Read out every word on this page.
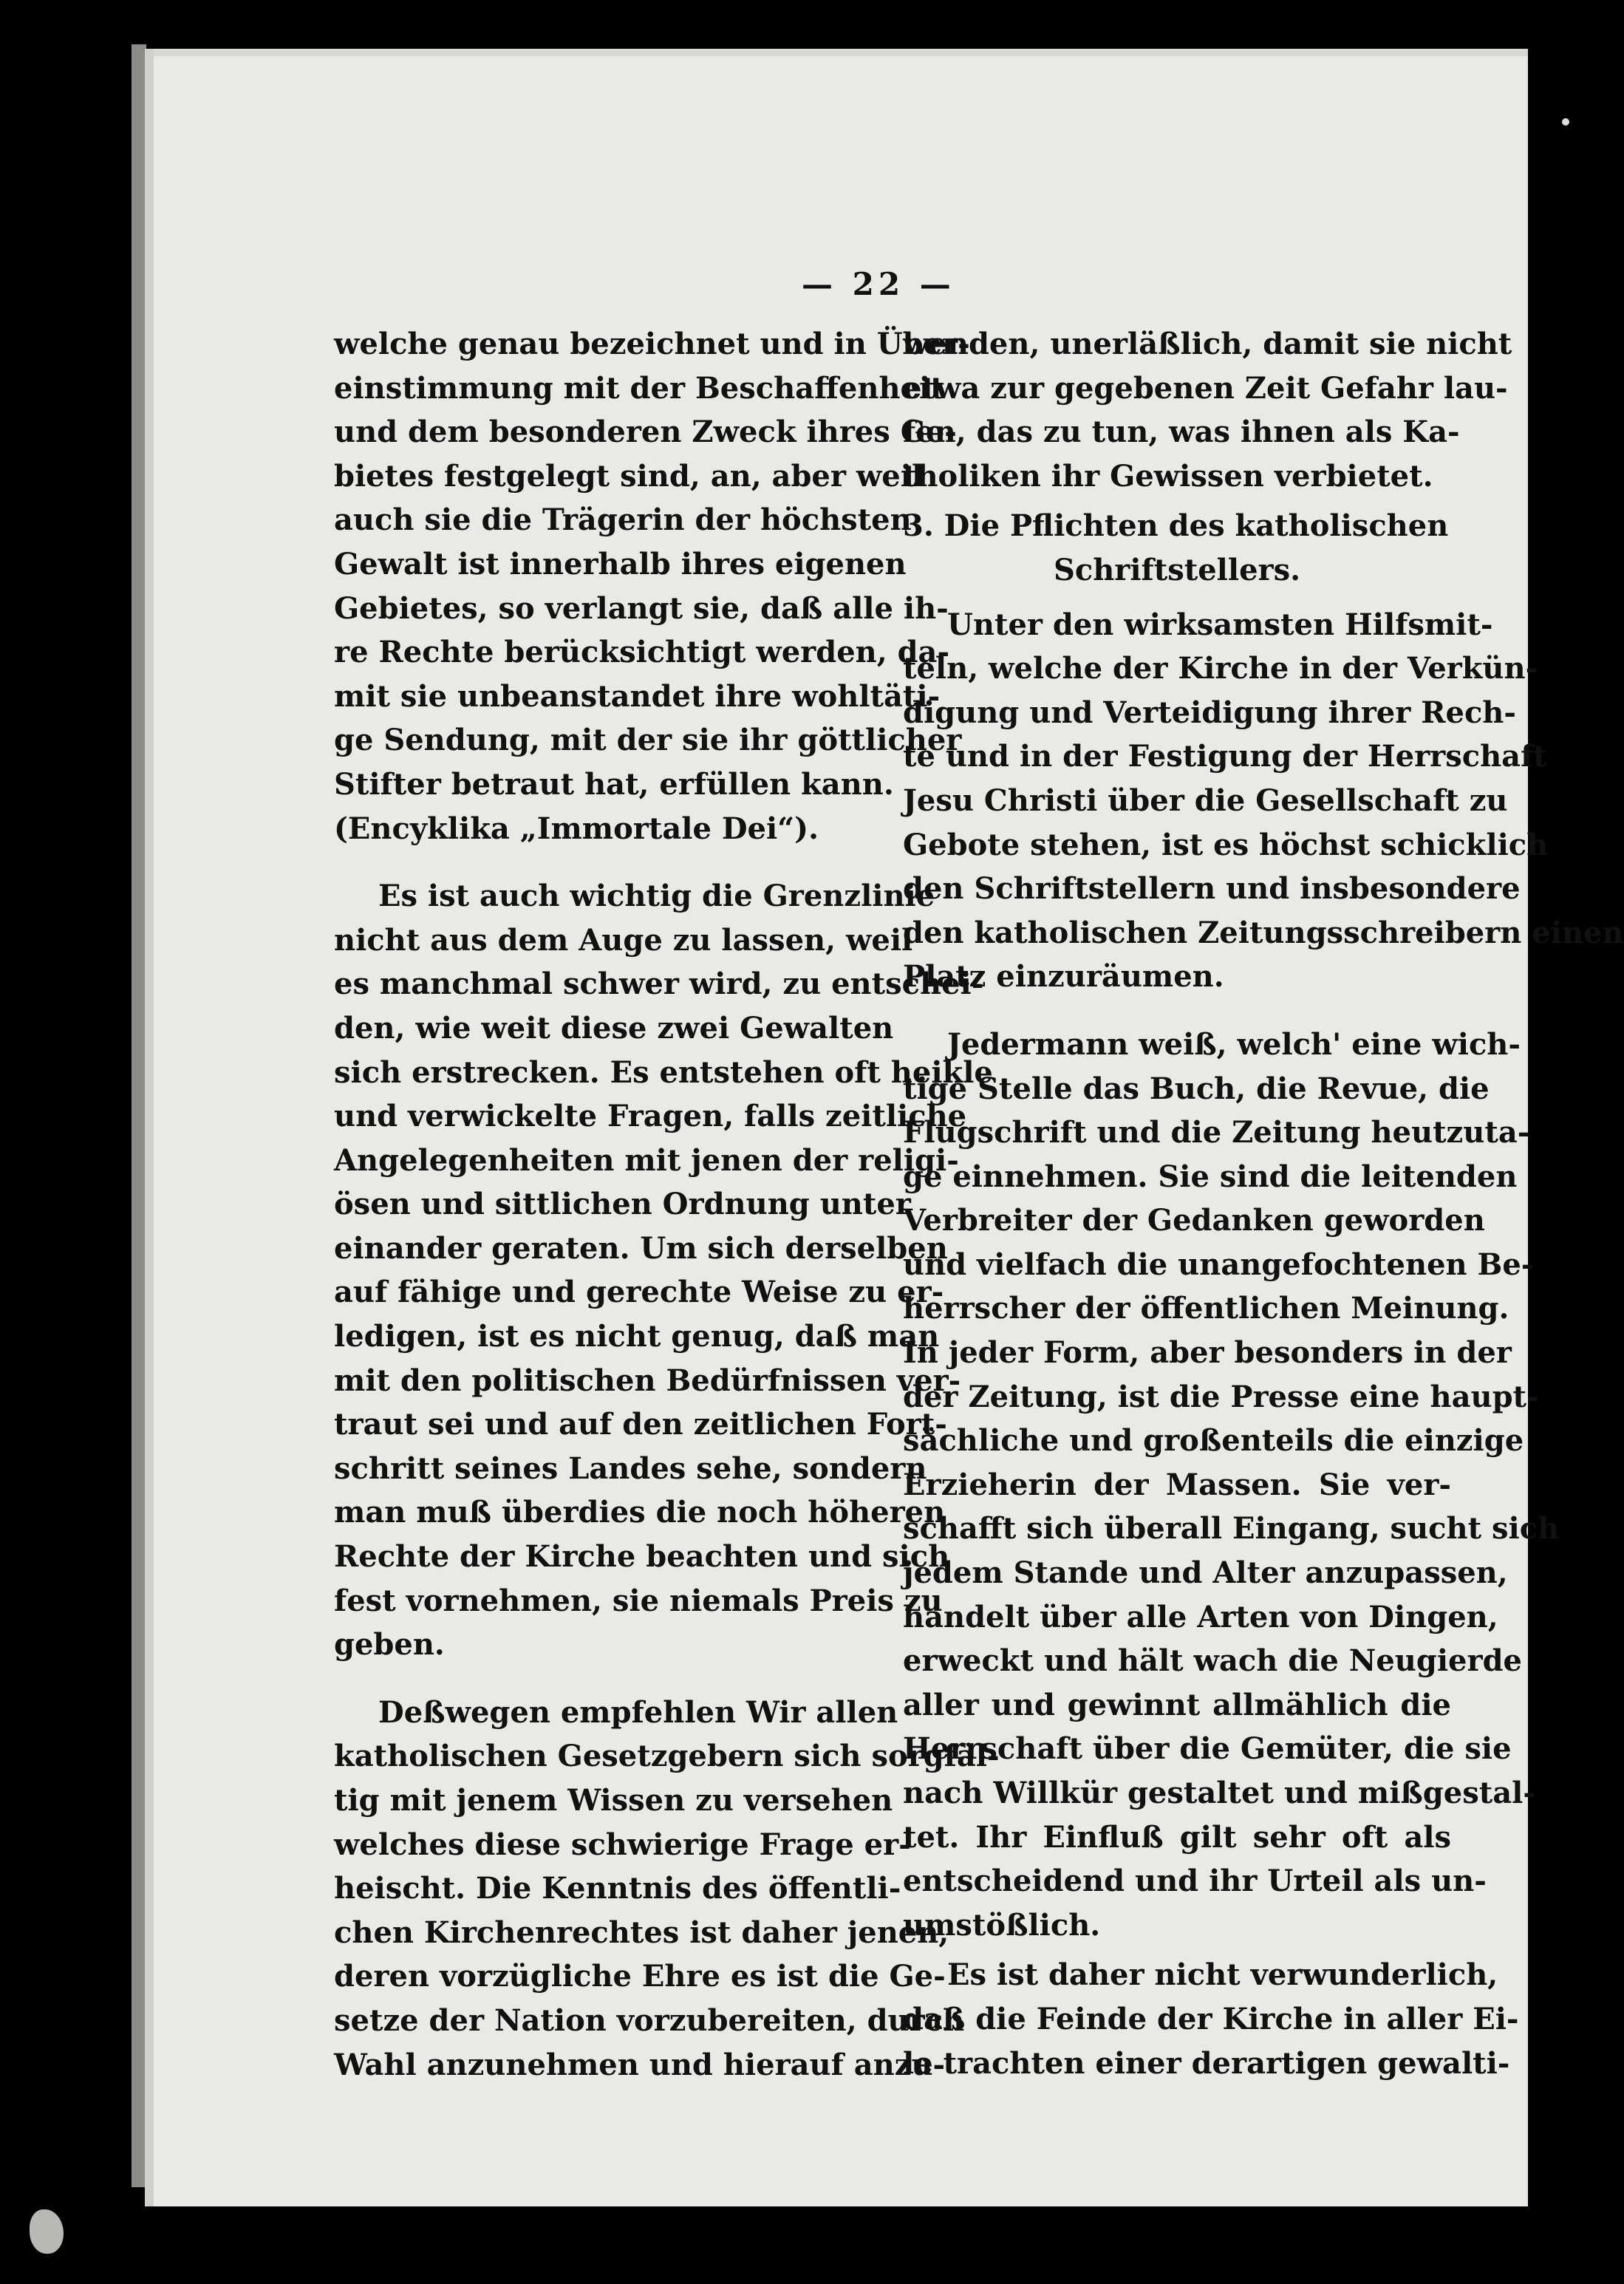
— 22 —
welche genau bezeichnet und in Über-
einstimmung mit der Beschaffenheit
und dem besonderen Zweck ihres Ge-
bietes festgelegt sind, an, aber weil
auch sie die Trägerin der höchsten
Gewalt ist innerhalb ihres eigenen
Gebietes, so verlangt sie, daß alle ih-
re Rechte berücksichtigt werden, da-
mit sie unbeanstandet ihre wohltäti-
ge Sendung, mit der sie ihr göttlicher
Stifter betraut hat, erfüllen kann.
(Encyklika „Immortale Dei“).
Es ist auch wichtig die Grenzlinie
nicht aus dem Auge zu lassen, weil
es manchmal schwer wird, zu entschei-
den, wie weit diese zwei Gewalten
sich erstrecken. Es entstehen oft heikle
und verwickelte Fragen, falls zeitliche
Angelegenheiten mit jenen der religi-
ösen und sittlichen Ordnung unter
einander geraten. Um sich derselben
auf fähige und gerechte Weise zu er-
ledigen, ist es nicht genug, daß man
mit den politischen Bedürfnissen ver-
traut sei und auf den zeitlichen Fort-
schritt seines Landes sehe, sondern
man muß überdies die noch höheren
Rechte der Kirche beachten und sich
fest vornehmen, sie niemals Preis zu
geben.
Deßwegen empfehlen Wir allen
katholischen Gesetzgebern sich sorgfäl-
tig mit jenem Wissen zu versehen
welches diese schwierige Frage er-
heischt. Die Kenntnis des öffentli-
chen Kirchenrechtes ist daher jenen,
deren vorzügliche Ehre es ist die Ge-
setze der Nation vorzubereiten, durch
Wahl anzunehmen und hierauf anzu-
wenden, unerläßlich, damit sie nicht
etwa zur gegebenen Zeit Gefahr lau-
fen, das zu tun, was ihnen als Ka-
tholiken ihr Gewissen verbietet.
3. Die Pflichten des katholischen
Schriftstellers.
Unter den wirksamsten Hilfsmit-
teln, welche der Kirche in der Verkün-
digung und Verteidigung ihrer Rech-
te und in der Festigung der Herrschaft
Jesu Christi über die Gesellschaft zu
Gebote stehen, ist es höchst schicklich
den Schriftstellern und insbesondere
den katholischen Zeitungsschreibern einen
Platz einzuräumen.
Jedermann weiß, welch' eine wich-
tige Stelle das Buch, die Revue, die
Flugschrift und die Zeitung heutzuta-
ge einnehmen. Sie sind die leitenden
Verbreiter der Gedanken geworden
und vielfach die unangefochtenen Be-
herrscher der öffentlichen Meinung.
In jeder Form, aber besonders in der
der Zeitung, ist die Presse eine haupt-
sächliche und großenteils die einzige
Erzieherin der Massen. Sie ver-
schafft sich überall Eingang, sucht sich
jedem Stande und Alter anzupassen,
handelt über alle Arten von Dingen,
erweckt und hält wach die Neugierde
aller und gewinnt allmählich die
Herrschaft über die Gemüter, die sie
nach Willkür gestaltet und mißgestal-
tet. Ihr Einfluß gilt sehr oft als
entscheidend und ihr Urteil als un-
umstößlich.
Es ist daher nicht verwunderlich,
daß die Feinde der Kirche in aller Ei-
le trachten einer derartigen gewalti-
